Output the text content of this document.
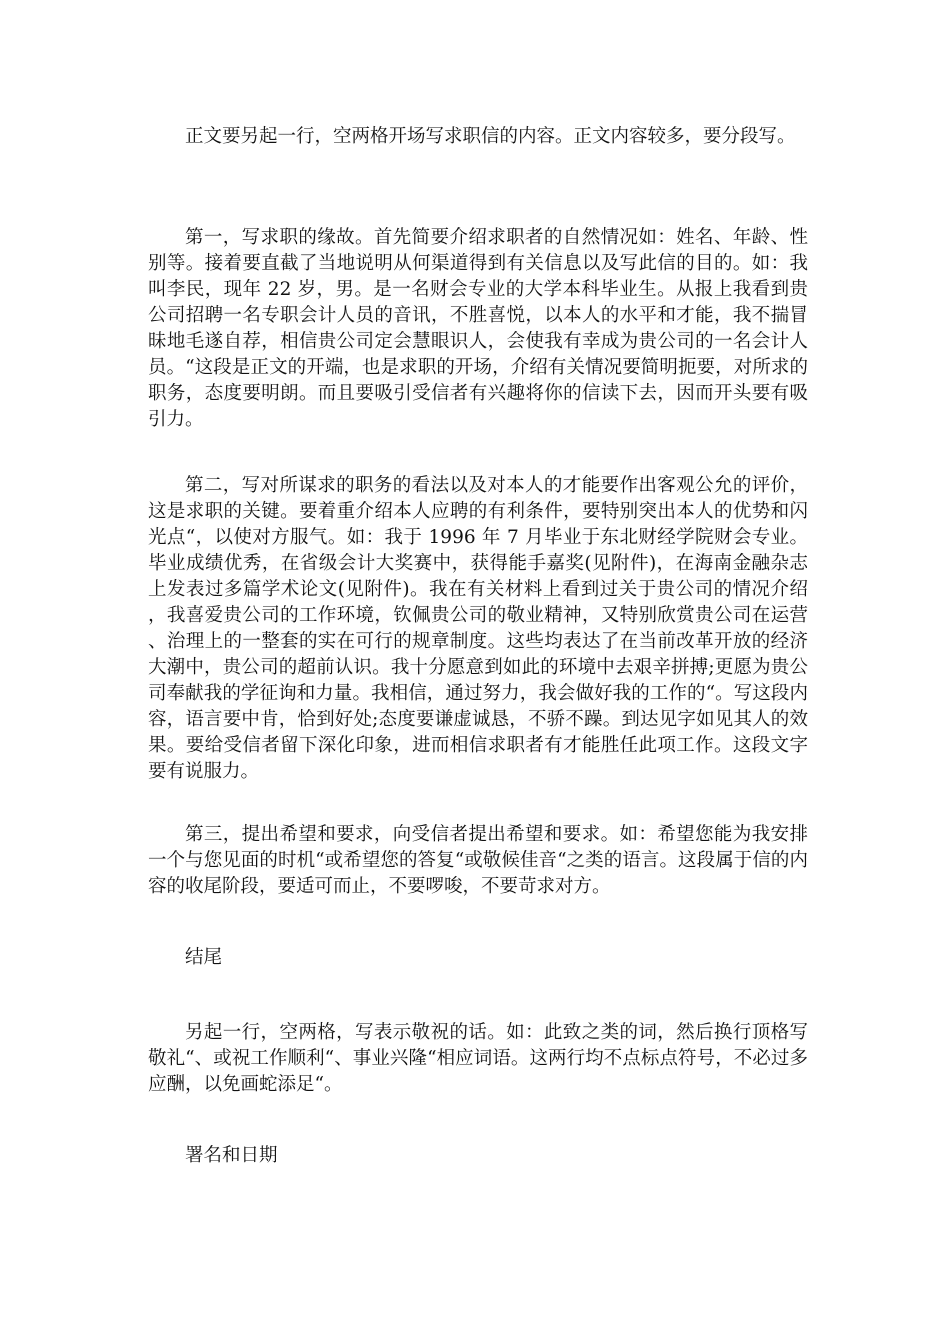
正文要另起一行，空两格开场写求职信的内容。正文内容较多，要分段写。

第一，写求职的缘故。首先简要介绍求职者的自然情况如：姓名、年龄、性别等。接着要直截了当地说明从何渠道得到有关信息以及写此信的目的。如：我叫李民，现年 22 岁，男。是一名财会专业的大学本科毕业生。从报上我看到贵公司招聘一名专职会计人员的音讯，不胜喜悦，以本人的水平和才能，我不揣冒昧地毛遂自荐，相信贵公司定会慧眼识人，会使我有幸成为贵公司的一名会计人员。“这段是正文的开端，也是求职的开场，介绍有关情况要简明扼要，对所求的职务，态度要明朗。而且要吸引受信者有兴趣将你的信读下去，因而开头要有吸引力。

第二，写对所谋求的职务的看法以及对本人的才能要作出客观公允的评价，这是求职的关键。要着重介绍本人应聘的有利条件，要特别突出本人的优势和闪光点“，以使对方服气。如：我于 1996 年 7 月毕业于东北财经学院财会专业。毕业成绩优秀，在省级会计大奖赛中，获得能手嘉奖(见附件)，在海南金融杂志上发表过多篇学术论文(见附件)。我在有关材料上看到过关于贵公司的情况介绍，我喜爱贵公司的工作环境，钦佩贵公司的敬业精神，又特别欣赏贵公司在运营、治理上的一整套的实在可行的规章制度。这些均表达了在当前改革开放的经济大潮中，贵公司的超前认识。我十分愿意到如此的环境中去艰辛拼搏;更愿为贵公司奉献我的学征询和力量。我相信，通过努力，我会做好我的工作的“。写这段内容，语言要中肯，恰到好处;态度要谦虚诚恳，不骄不躁。到达见字如见其人的效果。要给受信者留下深化印象，进而相信求职者有才能胜任此项工作。这段文字要有说服力。

第三，提出希望和要求，向受信者提出希望和要求。如：希望您能为我安排一个与您见面的时机“或希望您的答复“或敬候佳音“之类的语言。这段属于信的内容的收尾阶段，要适可而止，不要啰唆，不要苛求对方。

结尾

另起一行，空两格，写表示敬祝的话。如：此致之类的词，然后换行顶格写敬礼“、或祝工作顺利“、事业兴隆“相应词语。这两行均不点标点符号，不必过多应酬，以免画蛇添足“。

署名和日期
